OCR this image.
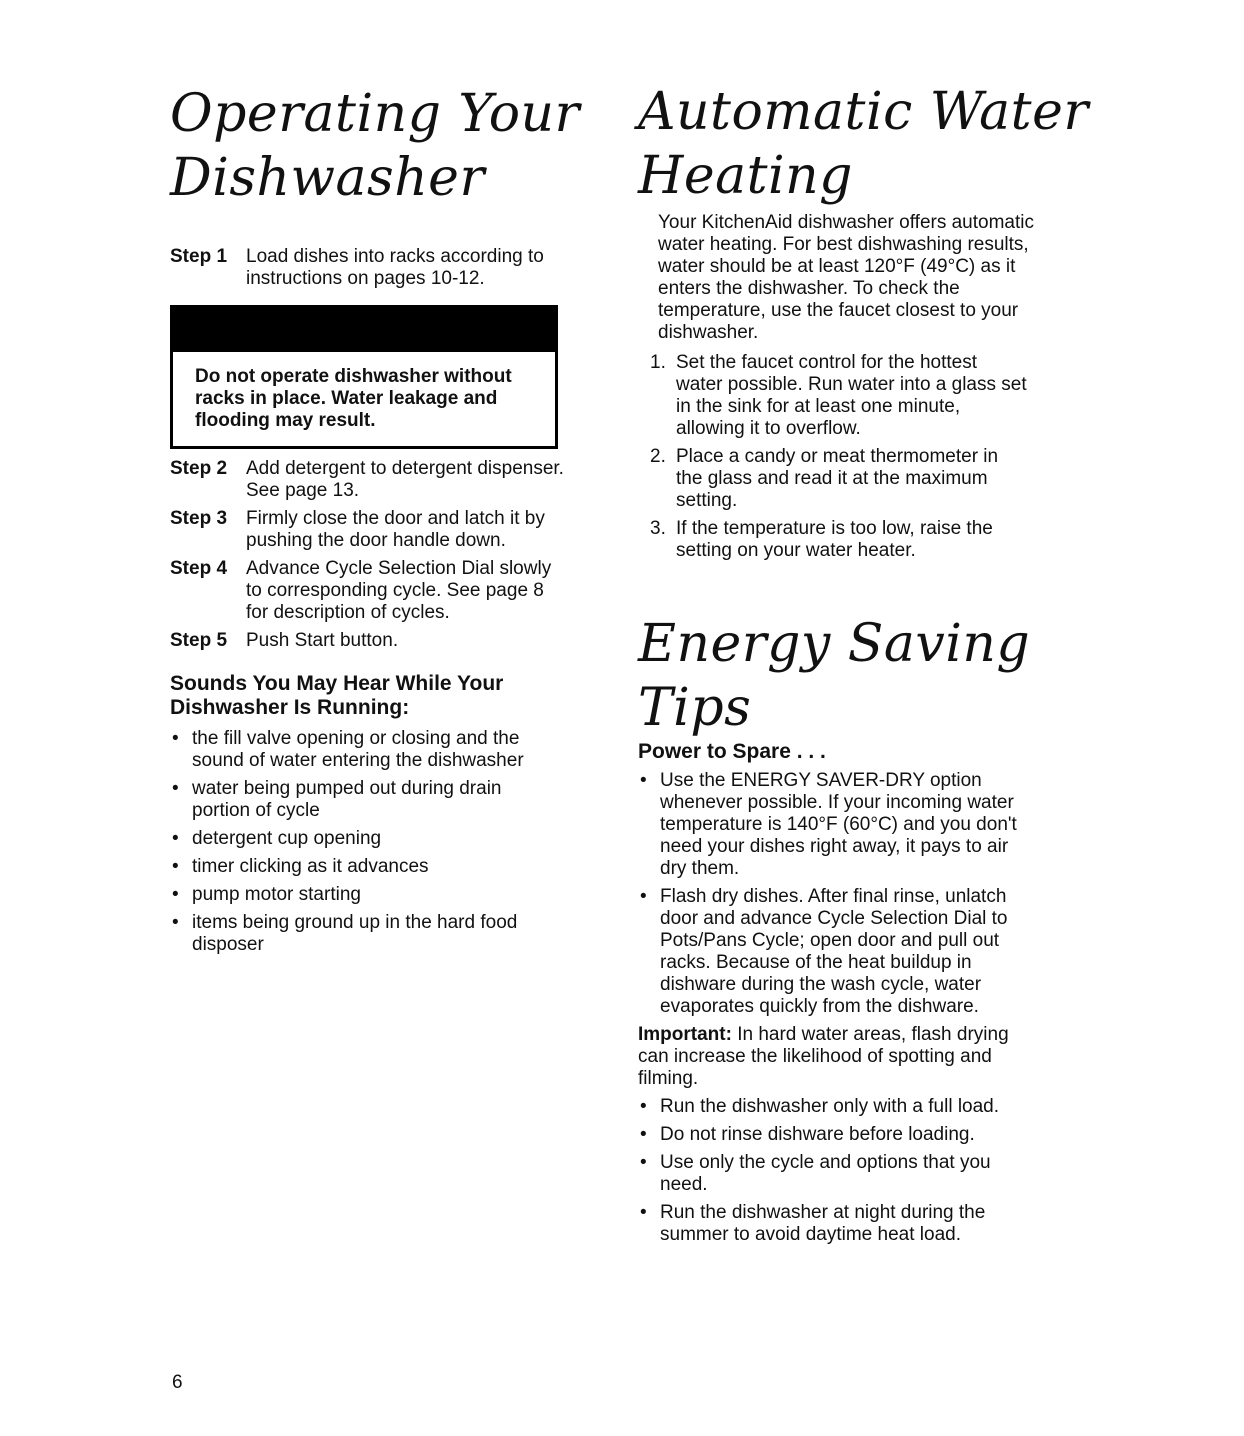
Operating Your
Dishwasher
Step 1 Load dishes into racks according to instructions on pages 10-12.
Do not operate dishwasher without racks in place. Water leakage and flooding may result.
Step 2 Add detergent to detergent dispenser. See page 13.
Step 3 Firmly close the door and latch it by pushing the door handle down.
Step 4 Advance Cycle Selection Dial slowly to corresponding cycle. See page 8 for description of cycles.
Step 5 Push Start button.
Sounds You May Hear While Your Dishwasher Is Running:
• the fill valve opening or closing and the sound of water entering the dishwasher
• water being pumped out during drain portion of cycle
• detergent cup opening
• timer clicking as it advances
• pump motor starting
• items being ground up in the hard food disposer
Automatic Water
Heating

Your KitchenAid dishwasher offers automatic water heating. For best dishwashing results, water should be at least 120°F (49°C) as it enters the dishwasher. To check the temperature, use the faucet closest to your dishwasher.

1. Set the faucet control for the hottest water possible. Run water into a glass set in the sink for at least one minute, allowing it to overflow.
2. Place a candy or meat thermometer in the glass and read it at the maximum setting.
3. If the temperature is too low, raise the setting on your water heater.
Energy Saving
Tips
Power to Spare . . .
• Use the ENERGY SAVER-DRY option whenever possible. If your incoming water temperature is 140°F (60°C) and you don't need your dishes right away, it pays to air dry them.
• Flash dry dishes. After final rinse, unlatch door and advance Cycle Selection Dial to Pots/Pans Cycle; open door and pull out racks. Because of the heat buildup in dishware during the wash cycle, water evaporates quickly from the dishware.

Important: In hard water areas, flash drying can increase the likelihood of spotting and filming.

• Run the dishwasher only with a full load.
• Do not rinse dishware before loading.
• Use only the cycle and options that you need.
• Run the dishwasher at night during the summer to avoid daytime heat load.
6
